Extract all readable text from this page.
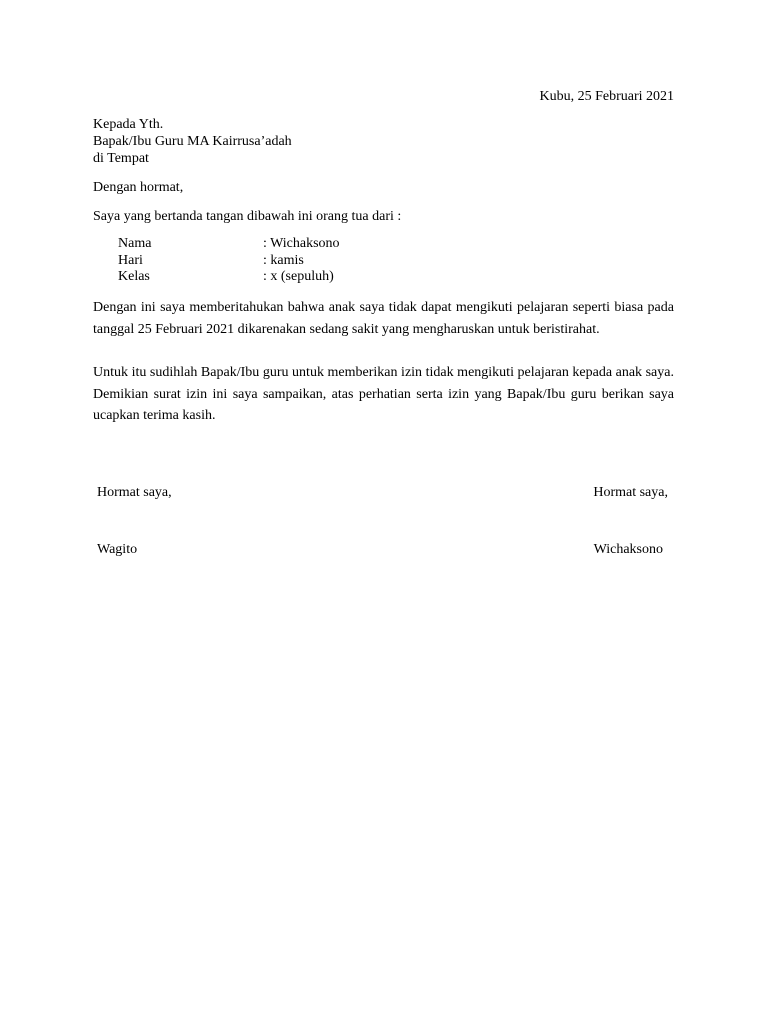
Kubu, 25 Februari 2021
Kepada Yth.
Bapak/Ibu Guru MA Kairrusa’adah
di Tempat
Dengan hormat,
Saya yang bertanda tangan dibawah ini orang tua dari :
Nama	: Wichaksono
Hari	: kamis
Kelas	: x (sepuluh)

Dengan ini saya memberitahukan bahwa anak saya tidak dapat mengikuti pelajaran seperti biasa pada tanggal 25 Februari 2021 dikarenakan sedang sakit yang mengharuskan untuk beristirahat.

Untuk itu sudihlah Bapak/Ibu guru untuk memberikan izin tidak mengikuti pelajaran kepada anak saya. Demikian surat izin ini saya sampaikan, atas perhatian serta izin yang Bapak/Ibu guru berikan saya ucapkan terima kasih.

Hormat saya,	Hormat saya,
Wagito	Wichaksono
